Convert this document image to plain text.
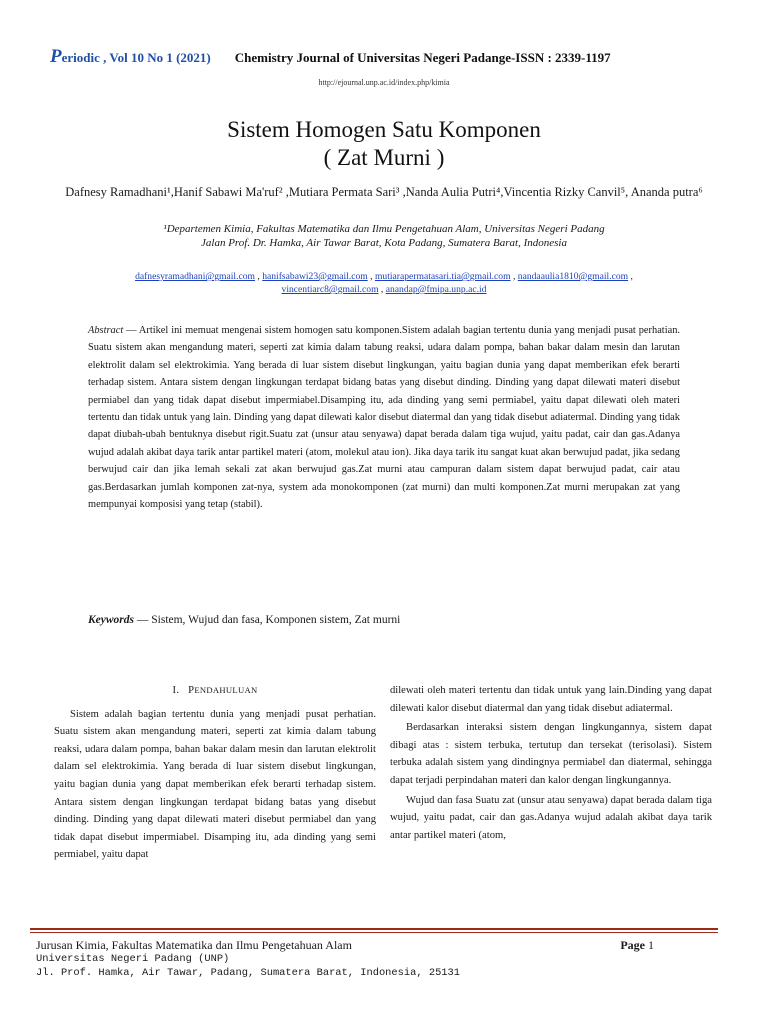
Periodic , Vol 10 No 1 (2021) Chemistry Journal of Universitas Negeri Padange-ISSN : 2339-1197
http://ejournal.unp.ac.id/index.php/kimia
Sistem Homogen Satu Komponen
( Zat Murni )
Dafnesy Ramadhani¹,Hanif Sabawi Ma'ruf² ,Mutiara Permata Sari³ ,Nanda Aulia Putri⁴,Vincentia Rizky Canvil⁵, Ananda putra⁶
¹Departemen Kimia, Fakultas Matematika dan Ilmu Pengetahuan Alam, Universitas Negeri Padang
Jalan Prof. Dr. Hamka, Air Tawar Barat, Kota Padang, Sumatera Barat, Indonesia
dafnesyramadhani@gmail.com , hanifsabawi23@gmail.com , mutiarapermatasari.tia@gmail.com , nandaaulia1810@gmail.com ,
vincentiarc8@gmail.com , anandap@fmipa.unp.ac.id
Abstract — Artikel ini memuat mengenai sistem homogen satu komponen.Sistem adalah bagian tertentu dunia yang menjadi pusat perhatian. Suatu sistem akan mengandung materi, seperti zat kimia dalam tabung reaksi, udara dalam pompa, bahan bakar dalam mesin dan larutan elektrolit dalam sel elektrokimia. Yang berada di luar sistem disebut lingkungan, yaitu bagian dunia yang dapat memberikan efek berarti terhadap sistem. Antara sistem dengan lingkungan terdapat bidang batas yang disebut dinding. Dinding yang dapat dilewati materi disebut permiabel dan yang tidak dapat disebut impermiabel.Disamping itu, ada dinding yang semi permiabel, yaitu dapat dilewati oleh materi tertentu dan tidak untuk yang lain. Dinding yang dapat dilewati kalor disebut diatermal dan yang tidak disebut adiatermal. Dinding yang tidak dapat diubah-ubah bentuknya disebut rigit.Suatu zat (unsur atau senyawa) dapat berada dalam tiga wujud, yaitu padat, cair dan gas.Adanya wujud adalah akibat daya tarik antar partikel materi (atom, molekul atau ion). Jika daya tarik itu sangat kuat akan berwujud padat, jika sedang berwujud cair dan jika lemah sekali zat akan berwujud gas.Zat murni atau campuran dalam sistem dapat berwujud padat, cair atau gas.Berdasarkan jumlah komponen zat-nya, system ada monokomponen (zat murni) dan multi komponen.Zat murni merupakan zat yang mempunyai komposisi yang tetap (stabil).
Keywords — Sistem, Wujud dan fasa, Komponen sistem, Zat murni
I. PENDAHULUAN

Sistem adalah bagian tertentu dunia yang menjadi pusat perhatian. Suatu sistem akan mengandung materi, seperti zat kimia dalam tabung reaksi, udara dalam pompa, bahan bakar dalam mesin dan larutan elektrolit dalam sel elektrokimia. Yang berada di luar sistem disebut lingkungan, yaitu bagian dunia yang dapat memberikan efek berarti terhadap sistem. Antara sistem dengan lingkungan terdapat bidang batas yang disebut dinding. Dinding yang dapat dilewati materi disebut permiabel dan yang tidak dapat disebut impermiabel. Disamping itu, ada dinding yang semi permiabel, yaitu dapat

dilewati oleh materi tertentu dan tidak untuk yang lain.Dinding yang dapat dilewati kalor disebut diatermal dan yang tidak disebut adiatermal.

Berdasarkan interaksi sistem dengan lingkungannya, sistem dapat dibagi atas : sistem terbuka, tertutup dan tersekat (terisolasi). Sistem terbuka adalah sistem yang dindingnya permiabel dan diatermal, sehingga dapat terjadi perpindahan materi dan kalor dengan lingkungannya.

Wujud dan fasa Suatu zat (unsur atau senyawa) dapat berada dalam tiga wujud, yaitu padat, cair dan gas.Adanya wujud adalah akibat daya tarik antar partikel materi (atom,

Jurusan Kimia, Fakultas Matematika dan Ilmu Pengetahuan Alam
Universitas Negeri Padang (UNP)
Jl. Prof. Hamka, Air Tawar, Padang, Sumatera Barat, Indonesia, 25131
Page 1
